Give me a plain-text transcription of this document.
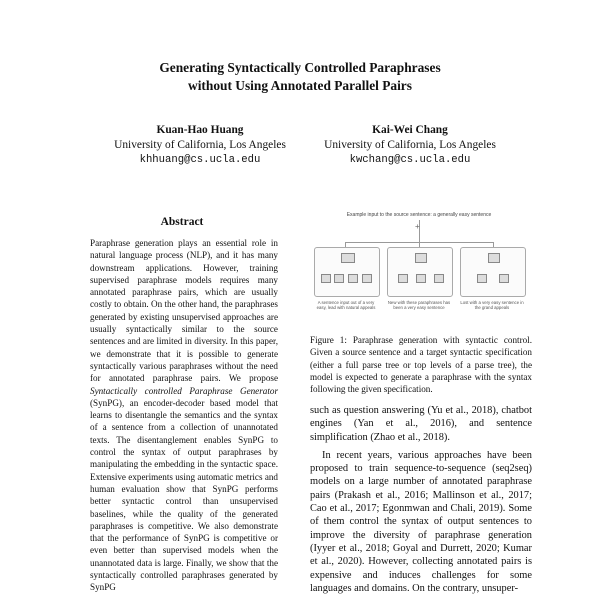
Generating Syntactically Controlled Paraphrases
without Using Annotated Parallel Pairs
Kuan-Hao Huang
University of California, Los Angeles
khhuang@cs.ucla.edu
Kai-Wei Chang
University of California, Los Angeles
kwchang@cs.ucla.edu
Abstract

Paraphrase generation plays an essential role in natural language process (NLP), and it has many downstream applications. However, training supervised paraphrase models requires many annotated paraphrase pairs, which are usually costly to obtain. On the other hand, the paraphrases generated by existing unsupervised approaches are usually syntactically similar to the source sentences and are limited in diversity. In this paper, we demonstrate that it is possible to generate syntactically various paraphrases without the need for annotated paraphrase pairs. We propose Syntactically controlled Paraphrase Generator (SynPG), an encoder-decoder based model that learns to disentangle the semantics and the syntax of a sentence from a collection of unannotated texts. The disentanglement enables SynPG to control the syntax of output paraphrases by manipulating the embedding in the syntactic space. Extensive experiments using automatic metrics and human evaluation show that SynPG performs better syntactic control than unsupervised baselines, while the quality of the generated paraphrases is competitive. We also demonstrate that the performance of SynPG is competitive or even better than supervised models when the unannotated data is large. Finally, we show that the syntactically controlled paraphrases generated by SynPG

Example input to the source sentence: a generally easy sentence
+
A sentence input out of a very easy, lead with natural appeals
New with these paraphrases has been a very easy sentence
Lost with a very easy sentence in the grand appeals
Figure 1: Paraphrase generation with syntactic control. Given a source sentence and a target syntactic specification (either a full parse tree or top levels of a parse tree), the model is expected to generate a paraphrase with the syntax following the given specification.

such as question answering (Yu et al., 2018), chatbot engines (Yan et al., 2016), and sentence simplification (Zhao et al., 2018).

In recent years, various approaches have been proposed to train sequence-to-sequence (seq2seq) models on a large number of annotated paraphrase pairs (Prakash et al., 2016; Mallinson et al., 2017; Cao et al., 2017; Egonmwan and Chali, 2019). Some of them control the syntax of output sentences to improve the diversity of paraphrase generation (Iyyer et al., 2018; Goyal and Durrett, 2020; Kumar et al., 2020). However, collecting annotated pairs is expensive and induces challenges for some languages and domains. On the contrary, unsuper-
